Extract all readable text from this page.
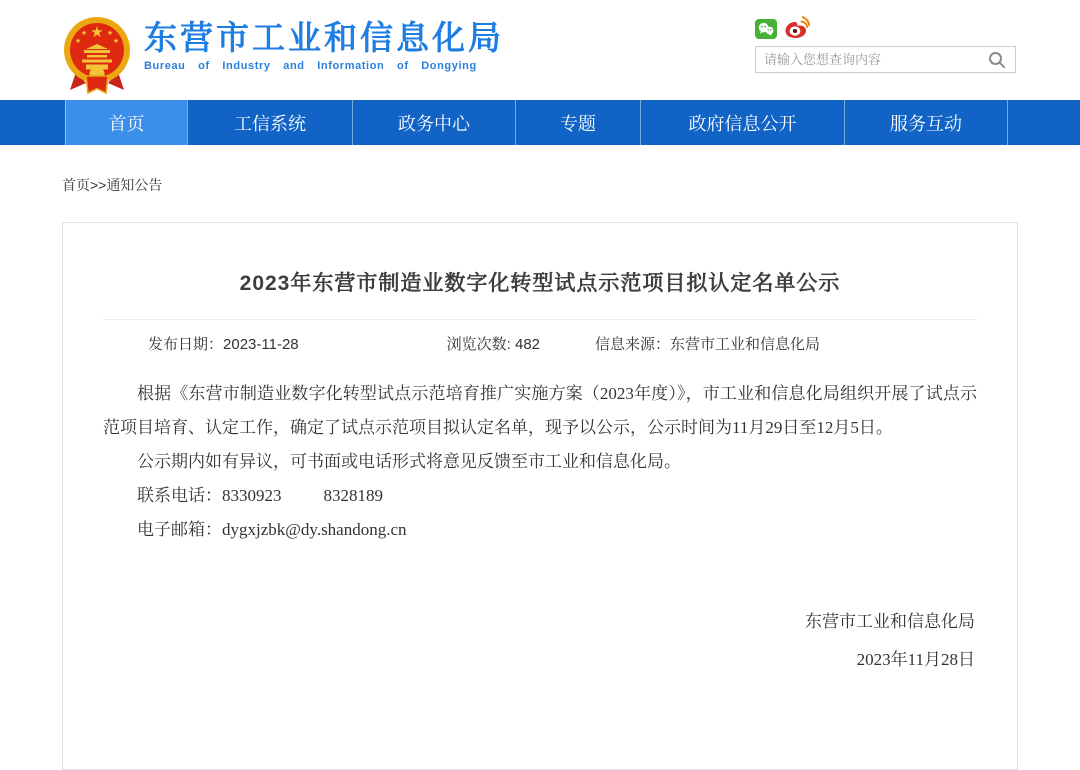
★
★	★
★	★ 东营市工业和信息化局
Bureau of Industry and Information of Dongying
请输入您想查询内容
首页	工信系统	政务中心	专题	政府信息公开	服务互动
首页>>通知公告
2023年东营市制造业数字化转型试点示范项目拟认定名单公示
发布日期：2023-11-28	浏览次数: 482	信息来源：东营市工业和信息化局

根据《东营市制造业数字化转型试点示范培育推广实施方案（2023年度）》，市工业和信息化局组织开展了试点示范项目培育、认定工作，确定了试点示范项目拟认定名单，现予以公示，公示时间为11月29日至12月5日。

公示期内如有异议，可书面或电话形式将意见反馈至市工业和信息化局。

联系电话：8330923 8328189

电子邮箱：dygxjzbk@dy.shandong.cn

东营市工业和信息化局
2023年11月28日
